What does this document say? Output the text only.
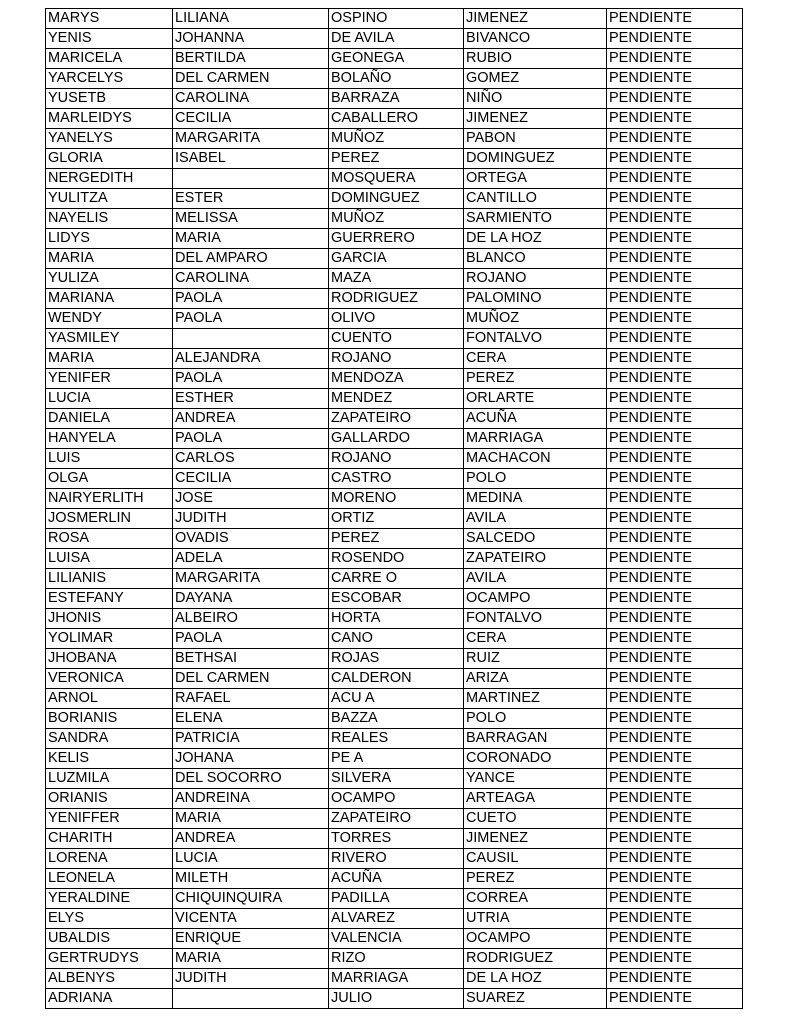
MARYS	LILIANA	OSPINO	JIMENEZ	PENDIENTE
YENIS	JOHANNA	DE AVILA	BIVANCO	PENDIENTE
MARICELA	BERTILDA	GEONEGA	RUBIO	PENDIENTE
YARCELYS	DEL CARMEN	BOLAÑO	GOMEZ	PENDIENTE
YUSETB	CAROLINA	BARRAZA	NIÑO	PENDIENTE
MARLEIDYS	CECILIA	CABALLERO	JIMENEZ	PENDIENTE
YANELYS	MARGARITA	MUÑOZ	PABON	PENDIENTE
GLORIA	ISABEL	PEREZ	DOMINGUEZ	PENDIENTE
NERGEDITH		MOSQUERA	ORTEGA	PENDIENTE
YULITZA	ESTER	DOMINGUEZ	CANTILLO	PENDIENTE
NAYELIS	MELISSA	MUÑOZ	SARMIENTO	PENDIENTE
LIDYS	MARIA	GUERRERO	DE LA HOZ	PENDIENTE
MARIA	DEL AMPARO	GARCIA	BLANCO	PENDIENTE
YULIZA	CAROLINA	MAZA	ROJANO	PENDIENTE
MARIANA	PAOLA	RODRIGUEZ	PALOMINO	PENDIENTE
WENDY	PAOLA	OLIVO	MUÑOZ	PENDIENTE
YASMILEY		CUENTO	FONTALVO	PENDIENTE
MARIA	ALEJANDRA	ROJANO	CERA	PENDIENTE
YENIFER	PAOLA	MENDOZA	PEREZ	PENDIENTE
LUCIA	ESTHER	MENDEZ	ORLARTE	PENDIENTE
DANIELA	ANDREA	ZAPATEIRO	ACUÑA	PENDIENTE
HANYELA	PAOLA	GALLARDO	MARRIAGA	PENDIENTE
LUIS	CARLOS	ROJANO	MACHACON	PENDIENTE
OLGA	CECILIA	CASTRO	POLO	PENDIENTE
NAIRYERLITH	JOSE	MORENO	MEDINA	PENDIENTE
JOSMERLIN	JUDITH	ORTIZ	AVILA	PENDIENTE
ROSA	OVADIS	PEREZ	SALCEDO	PENDIENTE
LUISA	ADELA	ROSENDO	ZAPATEIRO	PENDIENTE
LILIANIS	MARGARITA	CARRE O	AVILA	PENDIENTE
ESTEFANY	DAYANA	ESCOBAR	OCAMPO	PENDIENTE
JHONIS	ALBEIRO	HORTA	FONTALVO	PENDIENTE
YOLIMAR	PAOLA	CANO	CERA	PENDIENTE
JHOBANA	BETHSAI	ROJAS	RUIZ	PENDIENTE
VERONICA	DEL CARMEN	CALDERON	ARIZA	PENDIENTE
ARNOL	RAFAEL	ACU A	MARTINEZ	PENDIENTE
BORIANIS	ELENA	BAZZA	POLO	PENDIENTE
SANDRA	PATRICIA	REALES	BARRAGAN	PENDIENTE
KELIS	JOHANA	PE A	CORONADO	PENDIENTE
LUZMILA	DEL SOCORRO	SILVERA	YANCE	PENDIENTE
ORIANIS	ANDREINA	OCAMPO	ARTEAGA	PENDIENTE
YENIFFER	MARIA	ZAPATEIRO	CUETO	PENDIENTE
CHARITH	ANDREA	TORRES	JIMENEZ	PENDIENTE
LORENA	LUCIA	RIVERO	CAUSIL	PENDIENTE
LEONELA	MILETH	ACUÑA	PEREZ	PENDIENTE
YERALDINE	CHIQUINQUIRA	PADILLA	CORREA	PENDIENTE
ELYS	VICENTA	ALVAREZ	UTRIA	PENDIENTE
UBALDIS	ENRIQUE	VALENCIA	OCAMPO	PENDIENTE
GERTRUDYS	MARIA	RIZO	RODRIGUEZ	PENDIENTE
ALBENYS	JUDITH	MARRIAGA	DE LA HOZ	PENDIENTE
ADRIANA		JULIO	SUAREZ	PENDIENTE
